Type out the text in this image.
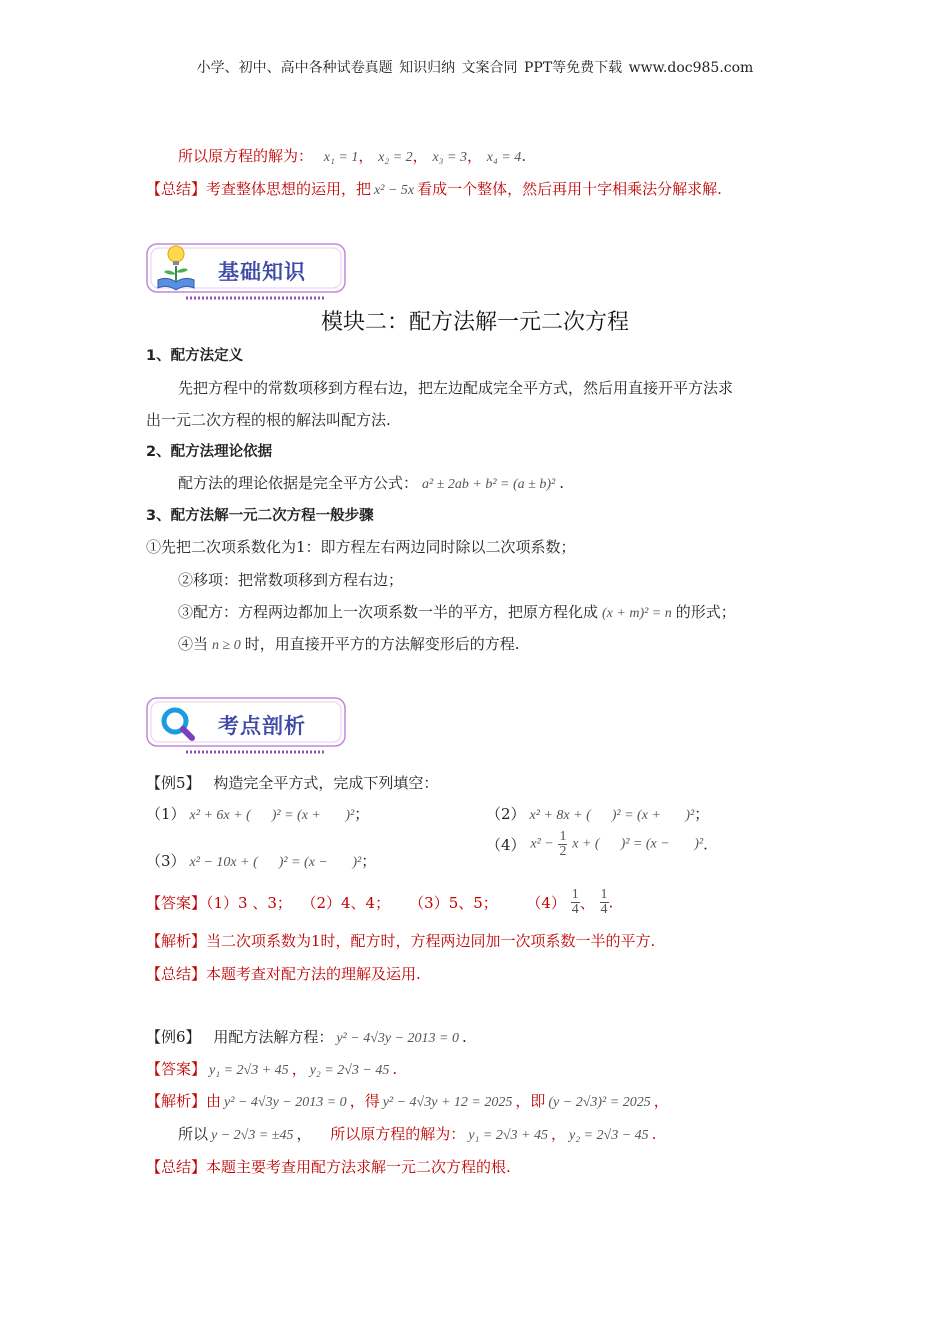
小学、初中、高中各种试卷真题 知识归纳 文案合同 PPT等免费下载 www.doc985.com
所以原方程的解为： x₁ = 1， x₂ = 2， x₃ = 3， x₄ = 4.
【总结】考查整体思想的运用，把 x² − 5x 看成一个整体，然后再用十字相乘法分解求解.
基础知识
模块二：配方法解一元二次方程
1、配方法定义
先把方程中的常数项移到方程右边，把左边配成完全平方式，然后用直接开平方法求
出一元二次方程的根的解法叫配方法.
2、配方法理论依据
配方法的理论依据是完全平方公式： a² ± 2ab + b² = (a ± b)² .
3、配方法解一元二次方程一般步骤
①先把二次项系数化为1：即方程左右两边同时除以二次项系数；
②移项：把常数项移到方程右边；
③配方：方程两边都加上一次项系数一半的平方，把原方程化成 (x + m)² = n 的形式；
④当 n ≥ 0 时，用直接开平方的方法解变形后的方程.
考点剖析
【例5】 构造完全平方式，完成下列填空：
（1） x² + 6x + (      )² = (x +       )²；	（2） x² + 8x + (      )² = (x +       )²；
（3） x² − 10x + (      )² = (x −       )²；
（4） $x^2 - \frac{1}{2}$ x + (      )² = (x −       )².
【答案】（1）3 、3；  （2）4、4；    （3）5、5；      $(4) \frac{1}{4}$ 、 $\frac{1}{4}$ .
【解析】当二次项系数为1时，配方时，方程两边同加一次项系数一半的平方.
【总结】本题考查对配方法的理解及运用.
【例6】 用配方法解方程： y² − 4√3y − 2013 = 0 .
【答案】 y₁ = 2√3 + 45 ， y₂ = 2√3 − 45 .
【解析】由 y² − 4√3y − 2013 = 0 ，得 y² − 4√3y + 12 = 2025 ，即 (y − 2√3)² = 2025 ，
所以 y − 2√3 = ±45 ， 所以原方程的解为： y₁ = 2√3 + 45 ， y₂ = 2√3 − 45 .
【总结】本题主要考查用配方法求解一元二次方程的根.
